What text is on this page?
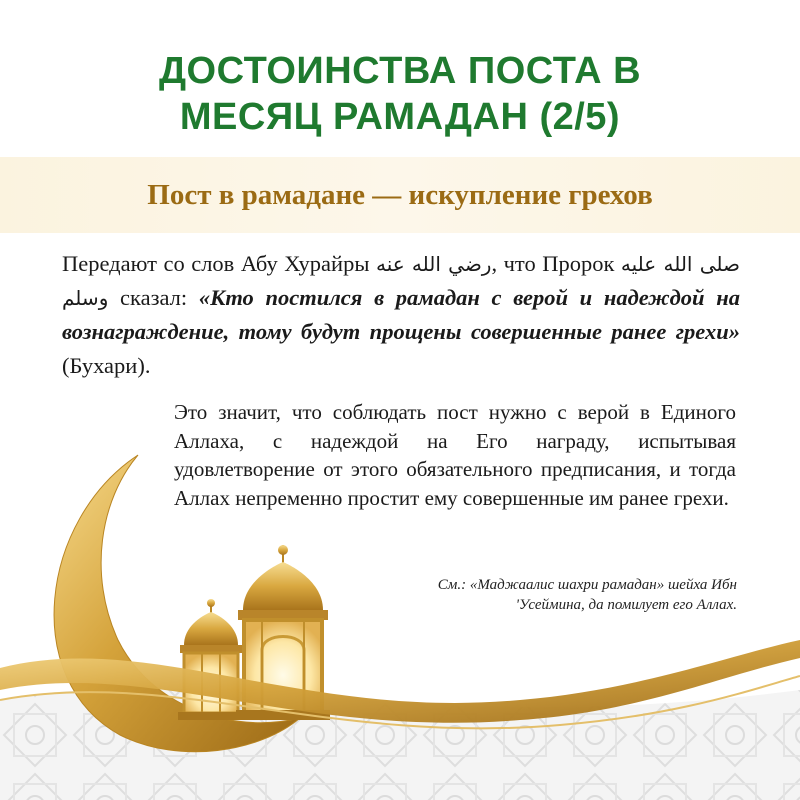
ДОСТОИНСТВА ПОСТА В
МЕСЯЦ РАМАДАН (2/5)
Пост в рамадане — искупление грехов
Передают со слов Абу Хурайры رضي الله عنه, что Пророк صلى الله عليه وسلم сказал: «Кто постился в рамадан с верой и надеждой на вознаграждение, тому будут прощены совершенные ранее грехи» (Бухари).
Это значит, что соблюдать пост нужно с верой в Единого Аллаха, с надеждой на Его награду, испытывая удовлетворение от этого обязательного предписания, и тогда Аллах непременно простит ему совершенные им ранее грехи.
См.: «Маджаалис шахри рамадан» шейха Ибн 'Усеймина, да помилует его Аллах.
